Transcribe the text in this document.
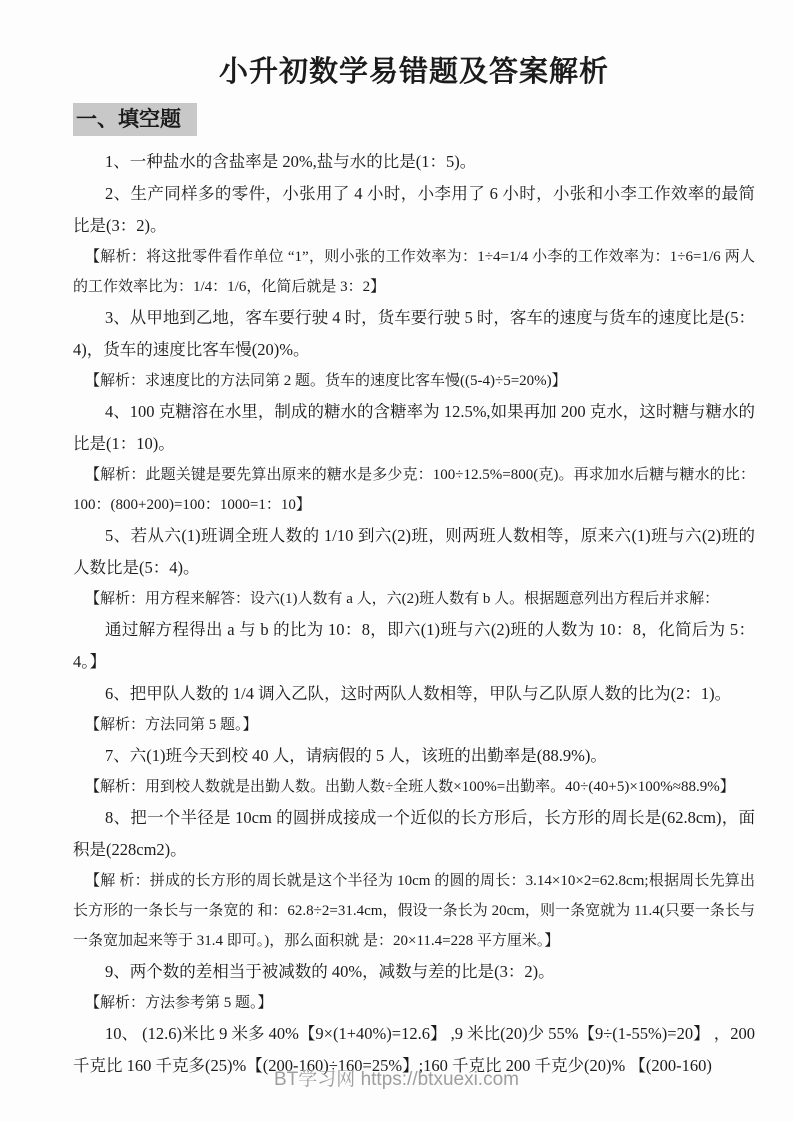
小升初数学易错题及答案解析
一、填空题

1、一种盐水的含盐率是 20%,盐与水的比是(1：5)。

2、生产同样多的零件，小张用了 4 小时，小李用了 6 小时，小张和小李工作效率的最简比是(3：2)。

【解析：将这批零件看作单位 “1”，则小张的工作效率为：1÷4=1/4 小李的工作效率为：1÷6=1/6 两人的工作效率比为：1/4：1/6，化简后就是 3：2】

3、从甲地到乙地，客车要行驶 4 时，货车要行驶 5 时，客车的速度与货车的速度比是(5：4)，货车的速度比客车慢(20)%。

【解析：求速度比的方法同第 2 题。货车的速度比客车慢((5-4)÷5=20%)】

4、100 克糖溶在水里，制成的糖水的含糖率为 12.5%,如果再加 200 克水，这时糖与糖水的比是(1：10)。

【解析：此题关键是要先算出原来的糖水是多少克：100÷12.5%=800(克)。再求加水后糖与糖水的比：100：(800+200)=100：1000=1：10】

5、若从六(1)班调全班人数的 1/10 到六(2)班，则两班人数相等，原来六(1)班与六(2)班的人数比是(5：4)。

【解析：用方程来解答：设六(1)人数有 a 人，六(2)班人数有 b 人。根据题意列出方程后并求解：

通过解方程得出 a 与 b 的比为 10：8，即六(1)班与六(2)班的人数为 10：8，化简后为 5：4。】

6、把甲队人数的 1/4 调入乙队，这时两队人数相等，甲队与乙队原人数的比为(2：1)。

【解析：方法同第 5 题。】

7、六(1)班今天到校 40 人，请病假的 5 人，该班的出勤率是(88.9%)。

【解析：用到校人数就是出勤人数。出勤人数÷全班人数×100%=出勤率。40÷(40+5)×100%≈88.9%】

8、把一个半径是 10cm 的圆拼成接成一个近似的长方形后，长方形的周长是(62.8cm)，面积是(228cm2)。

【解 析：拼成的长方形的周长就是这个半径为 10cm 的圆的周长：3.14×10×2=62.8cm;根据周长先算出长方形的一条长与一条宽的 和：62.8÷2=31.4cm，假设一条长为 20cm，则一条宽就为 11.4(只要一条长与一条宽加起来等于 31.4 即可。)，那么面积就 是：20×11.4=228 平方厘米。】

9、两个数的差相当于被减数的 40%，减数与差的比是(3：2)。

【解析：方法参考第 5 题。】

10、 (12.6)米比 9 米多 40%【9×(1+40%)=12.6】 ,9 米比(20)少 55%【9÷(1-55%)=20】 ，200 千克比 160 千克多(25)%【(200-160)÷160=25%】;160 千克比 200 千克少(20)% 【(200-160)

BT学习网 https://btxuexi.com
